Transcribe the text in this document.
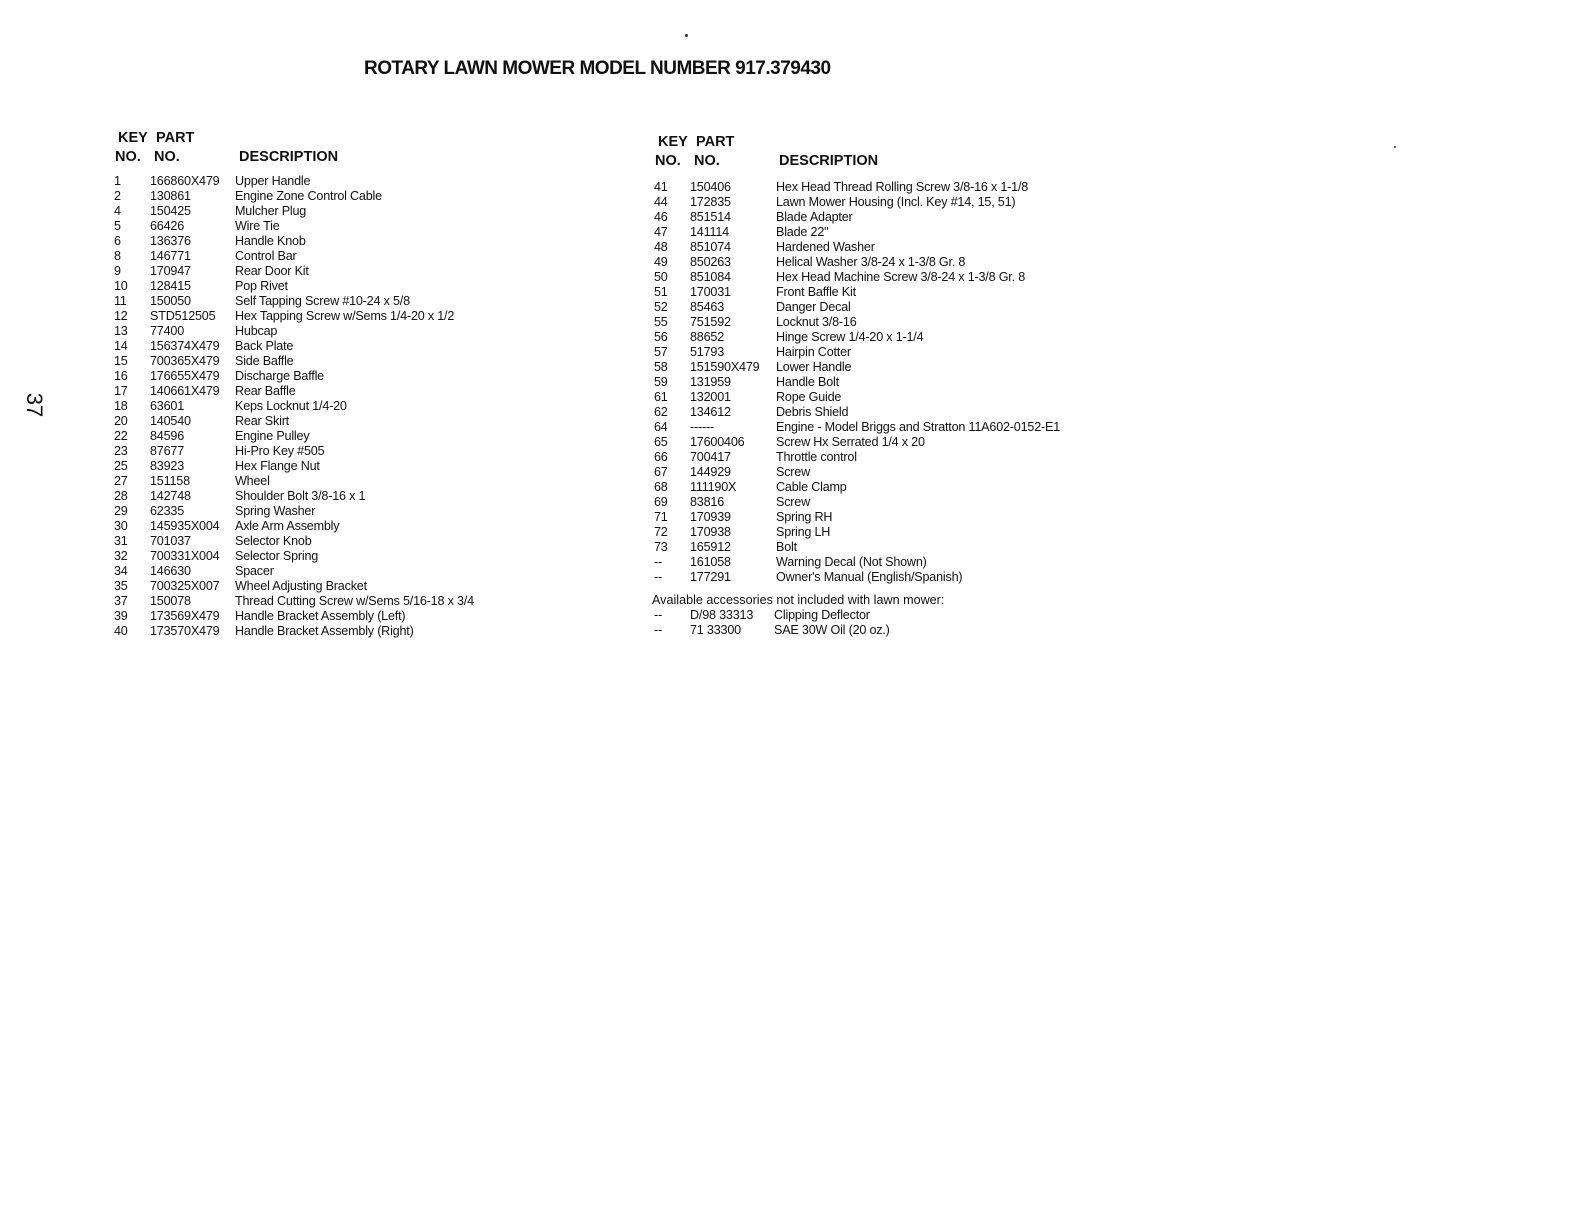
ROTARY LAWN MOWER MODEL NUMBER 917.379430
37
KEY PART
NO. NO.	DESCRIPTION
1 166860X479 Upper Handle
2 130861	Engine Zone Control Cable
4 150425	Mulcher Plug
5 66426	Wire Tie
6 136376	Handle Knob
8 146771	Control Bar
9 170947	Rear Door Kit
10 128415	Pop Rivet
11 150050	Self Tapping Screw #10-24 x 5/8
12 STD512505 Hex Tapping Screw w/Sems 1/4-20 x 1/2
13 77400	Hubcap
14 156374X479 Back Plate
15 700365X479 Side Baffle
16 176655X479 Discharge Baffle
17 140661X479 Rear Baffle
18 63601	Keps Locknut 1/4-20
20 140540	Rear Skirt
22 84596	Engine Pulley
23 87677	Hi-Pro Key #505
25 83923	Hex Flange Nut
27 151158	Wheel
28 142748	Shoulder Bolt 3/8-16 x 1
29 62335	Spring Washer
30 145935X004 Axle Arm Assembly
31 701037	Selector Knob
32 700331X004 Selector Spring
34 146630	Spacer
35 700325X007 Wheel Adjusting Bracket
37 150078	Thread Cutting Screw w/Sems 5/16-18 x 3/4
39 173569X479 Handle Bracket Assembly (Left)
40 173570X479 Handle Bracket Assembly (Right)
KEY PART
NO. NO.	DESCRIPTION
41 150406	Hex Head Thread Rolling Screw 3/8-16 x 1-1/8
44 172835	Lawn Mower Housing (Incl. Key #14, 15, 51)
46 851514	Blade Adapter
47 141114	Blade 22"
48 851074	Hardened Washer
49 850263	Helical Washer 3/8-24 x 1-3/8 Gr. 8
50 851084	Hex Head Machine Screw 3/8-24 x 1-3/8 Gr. 8
51 170031	Front Baffle Kit
52 85463	Danger Decal
55 751592	Locknut 3/8-16
56 88652	Hinge Screw 1/4-20 x 1-1/4
57 51793	Hairpin Cotter
58 151590X479 Lower Handle
59 131959	Handle Bolt
61 132001	Rope Guide
62 134612	Debris Shield
64 ------	Engine - Model Briggs and Stratton 11A602-0152-E1
65 17600406	Screw Hx Serrated 1/4 x 20
66 700417	Throttle control
67 144929	Screw
68 111190X	Cable Clamp
69 83816	Screw
71 170939	Spring RH
72 170938	Spring LH
73 165912	Bolt
-- 161058	Warning Decal (Not Shown)
-- 177291	Owner's Manual (English/Spanish)
Available accessories not included with lawn mower:
-- D/98 33313 Clipping Deflector
-- 71 33300	SAE 30W Oil (20 oz.)
